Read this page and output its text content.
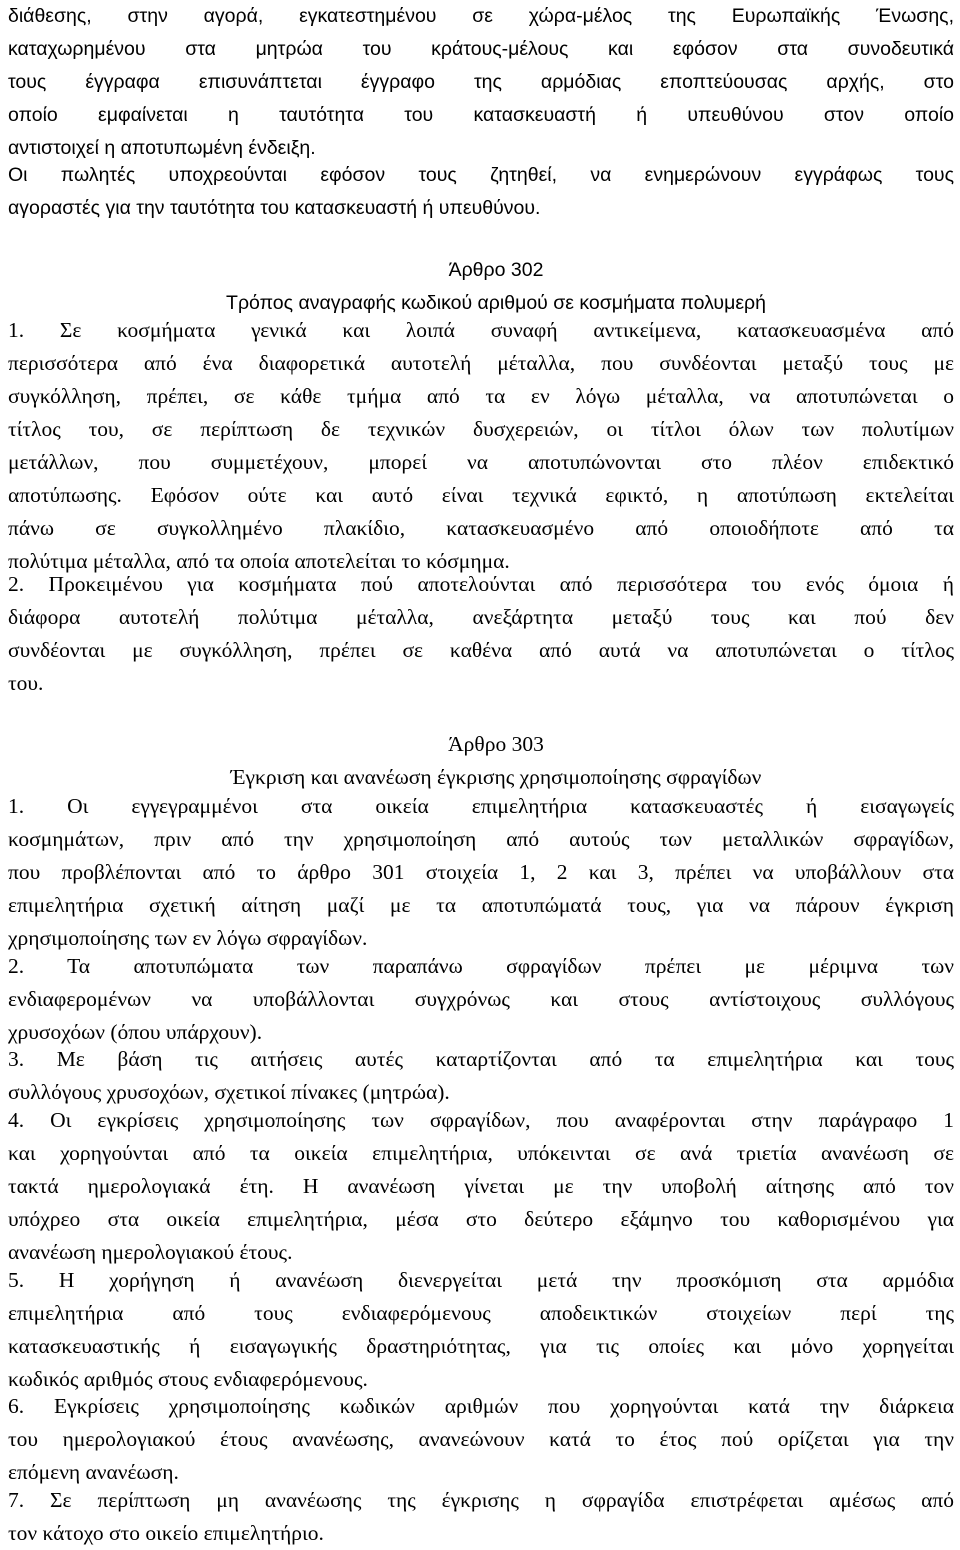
διάθεσης, στην αγορά, εγκατεστημένου σε χώρα-μέλος της Ευρωπαϊκής Ένωσης,
καταχωρημένου στα μητρώα του κράτους-μέλους και εφόσον στα συνοδευτικά
τους έγγραφα επισυνάπτεται έγγραφο της αρμόδιας εποπτεύουσας αρχής, στο
οποίο εμφαίνεται η ταυτότητα του κατασκευαστή ή υπευθύνου στον οποίο
αντιστοιχεί η αποτυπωμένη ένδειξη.
Οι πωλητές υποχρεούνται εφόσον τους ζητηθεί, να ενημερώνουν εγγράφως τους
αγοραστές για την ταυτότητα του κατασκευαστή ή υπευθύνου.
Άρθρο 302
Τρόπος αναγραφής κωδικού αριθμού σε κοσμήματα πολυμερή
1. Σε κοσμήματα γενικά και λοιπά συναφή αντικείμενα, κατασκευασμένα από
περισσότερα από ένα διαφορετικά αυτοτελή μέταλλα, που συνδέονται μεταξύ τους με
συγκόλληση, πρέπει, σε κάθε τμήμα από τα εν λόγω μέταλλα, να αποτυπώνεται ο
τίτλος του, σε περίπτωση δε τεχνικών δυσχερειών, οι τίτλοι όλων των πολυτίμων
μετάλλων, που συμμετέχουν, μπορεί να αποτυπώνονται στο πλέον επιδεκτικό
αποτύπωσης. Εφόσον ούτε και αυτό είναι τεχνικά εφικτό, η αποτύπωση εκτελείται
πάνω σε συγκολλημένο πλακίδιο, κατασκευασμένο από οποιοδήποτε από τα
πολύτιμα μέταλλα, από τα οποία αποτελείται το κόσμημα.
2. Προκειμένου για κοσμήματα πού αποτελούνται από περισσότερα του ενός όμοια ή
διάφορα αυτοτελή πολύτιμα μέταλλα, ανεξάρτητα μεταξύ τους και πού δεν
συνδέονται με συγκόλληση, πρέπει σε καθένα από αυτά να αποτυπώνεται ο τίτλος
του.
Άρθρο 303
Έγκριση και ανανέωση έγκρισης χρησιμοποίησης σφραγίδων
1. Οι εγγεγραμμένοι στα οικεία επιμελητήρια κατασκευαστές ή εισαγωγείς
κοσμημάτων, πριν από την χρησιμοποίηση από αυτούς των μεταλλικών σφραγίδων,
που προβλέπονται από το άρθρο 301 στοιχεία 1, 2 και 3, πρέπει να υποβάλλουν στα
επιμελητήρια σχετική αίτηση μαζί με τα αποτυπώματά τους, για να πάρουν έγκριση
χρησιμοποίησης των εν λόγω σφραγίδων.
2. Τα αποτυπώματα των παραπάνω σφραγίδων πρέπει με μέριμνα των
ενδιαφερομένων να υποβάλλονται συγχρόνως και στους αντίστοιχους συλλόγους
χρυσοχόων (όπου υπάρχουν).
3. Με βάση τις αιτήσεις αυτές καταρτίζονται από τα επιμελητήρια και τους
συλλόγους χρυσοχόων, σχετικοί πίνακες (μητρώα).
4. Οι εγκρίσεις χρησιμοποίησης των σφραγίδων, που αναφέρονται στην παράγραφο 1
και χορηγούνται από τα οικεία επιμελητήρια, υπόκεινται σε ανά τριετία ανανέωση σε
τακτά ημερολογιακά έτη. Η ανανέωση γίνεται με την υποβολή αίτησης από τον
υπόχρεο στα οικεία επιμελητήρια, μέσα στο δεύτερο εξάμηνο του καθορισμένου για
ανανέωση ημερολογιακού έτους.
5. Η χορήγηση ή ανανέωση διενεργείται μετά την προσκόμιση στα αρμόδια
επιμελητήρια από τους ενδιαφερόμενους αποδεικτικών στοιχείων περί της
κατασκευαστικής ή εισαγωγικής δραστηριότητας, για τις οποίες και μόνο χορηγείται
κωδικός αριθμός στους ενδιαφερόμενους.
6. Εγκρίσεις χρησιμοποίησης κωδικών αριθμών που χορηγούνται κατά την διάρκεια
του ημερολογιακού έτους ανανέωσης, ανανεώνουν κατά το έτος πού ορίζεται για την
επόμενη ανανέωση.
7. Σε περίπτωση μη ανανέωσης της έγκρισης η σφραγίδα επιστρέφεται αμέσως από
τον κάτοχο στο οικείο επιμελητήριο.
